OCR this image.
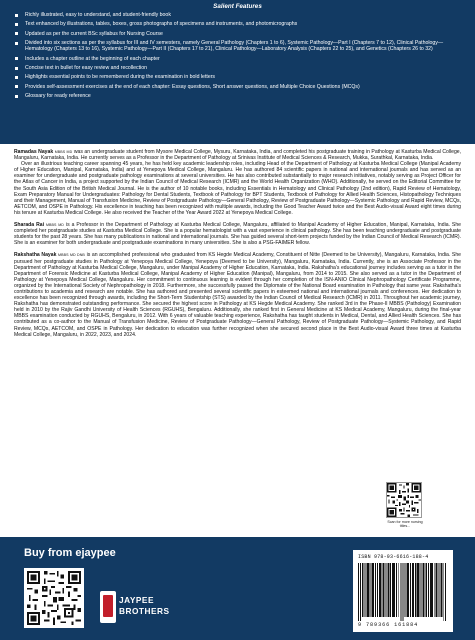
Salient Features
Richly illustrated, easy to understand, and student-friendly book
Text enhanced by illustrations, tables, boxes, gross photographs of specimens and instruments, and photomicrographs
Updated as per the current BSc syllabus for Nursing Course
Divided into six sections as per the syllabus for III and IV semesters, namely General Pathology (Chapters 1 to 6), Systemic Pathology—Part I (Chapters 7 to 12), Clinical Pathology—Hematology (Chapters 13 to 16), Systemic Pathology—Part II (Chapters 17 to 21), Clinical Pathology—Laboratory Analysis (Chapters 22 to 25), and Genetics (Chapters 26 to 32)
Includes a chapter outline at the beginning of each chapter
Concise text in bullet for easy review and recollection
Highlights essential points to be remembered during the examination in bold letters
Provides self-assessment exercises at the end of each chapter: Essay questions, Short answer questions, and Multiple Choice Questions (MCQs)
Glossary for ready reference

Ramadas Nayak MBBS MD was an undergraduate student from Mysore Medical College, Mysuru, Karnataka, India, and completed his postgraduate training in Pathology at Kasturba Medical College, Mangaluru, Karnataka, India. He currently serves as a Professor in the Department of Pathology at Srinivas Institute of Medical Sciences & Research, Mukka, Surathkal, Karnataka, India.

Over an illustrious teaching career spanning 45 years, he has held key academic leadership roles, including Head of the Department of Pathology at Kasturba Medical College (Manipal Academy of Higher Education, Manipal, Karnataka, India) and at Yenepoya Medical College, Mangaluru. He has authored 84 scientific papers in national and international journals and has served as an examiner for undergraduate and postgraduate pathology examinations at several universities. He has also contributed substantially to major research initiatives, notably serving as Project Officer for the Atlas of Cancer in India, a project supported by the Indian Council of Medical Research (ICMR) and the World Health Organization (WHO). Additionally, he served on the Editorial Committee for the South Asia Edition of the British Medical Journal. He is the author of 10 notable books, including Essentials in Hematology and Clinical Pathology (2nd edition), Rapid Review of Hematology, Exam Preparatory Manual for Undergraduates: Pathology for Dental Students, Textbook of Pathology for BPT Students, Textbook of Pathology for Allied Health Sciences, Histopathology Techniques and their Management, Manual of Transfusion Medicine, Review of Postgraduate Pathology—General Pathology, Review of Postgraduate Pathology—Systemic Pathology and Rapid Review, MCQs, AETCOM, and OSPE in Pathology. His excellence in teaching has been recognized with multiple awards, including the Good Teacher Award twice and the Best Audio-visual Award eight times during his tenure at Kasturba Medical College. He also received the Teacher of the Year Award 2022 at Yenepoya Medical College.

Sharada Rai MBBS MD is a Professor in the Department of Pathology at Kasturba Medical College, Mangaluru, affiliated to Manipal Academy of Higher Education, Manipal, Karnataka, India. She completed her postgraduate studies at Kasturba Medical College. She is a popular hematologist with a vast experience in clinical pathology. She has been teaching undergraduate and postgraduate students for the past 28 years. She has many publications in national and international journals. She has guided several short-term projects funded by the Indian Council of Medical Research (ICMR). She is an examiner for both undergraduate and postgraduate examinations in many universities. She is also a PSG-FAIMER fellow.

Rakshatha Nayak MBBS MD DNB is an accomplished professional who graduated from KS Hegde Medical Academy, Constituent of Nitte (Deemed to be University), Mangaluru, Karnataka, India. She pursued her postgraduate studies in Pathology at Yenepoya Medical College, Yenepoya (Deemed to be University), Mangaluru, Karnataka, India. Currently, she is an Associate Professor in the Department of Pathology at Kasturba Medical College, Mangaluru, under Manipal Academy of Higher Education, Karnataka, India. Rakshatha's educational journey includes serving as a tutor in the Department of Forensic Medicine at Kasturba Medical College, Manipal Academy of Higher Education (Manipal), Mangaluru, from 2014 to 2015. She also served as a tutor in the Department of Pathology at Yenepoya Medical College, Mangaluru. Her commitment to continuous learning is evident through her completion of the ISN-ANIO Clinical Nephropathology Certificate Programme, organized by the International Society of Nephropathology in 2018. Furthermore, she successfully passed the Diplomate of the National Board examination in Pathology that same year. Rakshatha's contributions to academia and research are notable. She has authored and presented several scientific papers in esteemed national and international journals and conferences. Her dedication to excellence has been recognized through awards, including the Short-Term Studentship (STS) awarded by the Indian Council of Medical Research (ICMR) in 2011. Throughout her academic journey, Rakshatha has demonstrated outstanding performance. She secured the highest score in Pathology at KS Hegde Medical Academy. She ranked 3rd in the Phase-II MBBS (Pathology) Examination held in 2010 by the Rajiv Gandhi University of Health Sciences (RGUHS), Bengaluru. Additionally, she ranked first in General Medicine at KS Medical Academy, Mangaluru, during the final-year MBBS examination conducted by RGUHS, Bengaluru, in 2012. With 6 years of valuable teaching experience, Rakshatha has taught students in Medical, Dental, and Allied Health Sciences. She has contributed as a co-author to the Manual of Transfusion Medicine, Review of Postgraduate Pathology—General Pathology, Review of Postgraduate Pathology—Systemic Pathology, and Rapid Review, MCQs, AETCOM, and OSPE in Pathology. Her dedication to education was further recognized when she secured second place in the Best Audio-visual Award three times at Kasturba Medical College, Mangaluru, in 2022, 2023, and 2024.

Scan for more nursing titles...
Buy from ejaypee
JAYPEE
BROTHERS
ISBN 978-93-6616-188-4
9 789366 161884
